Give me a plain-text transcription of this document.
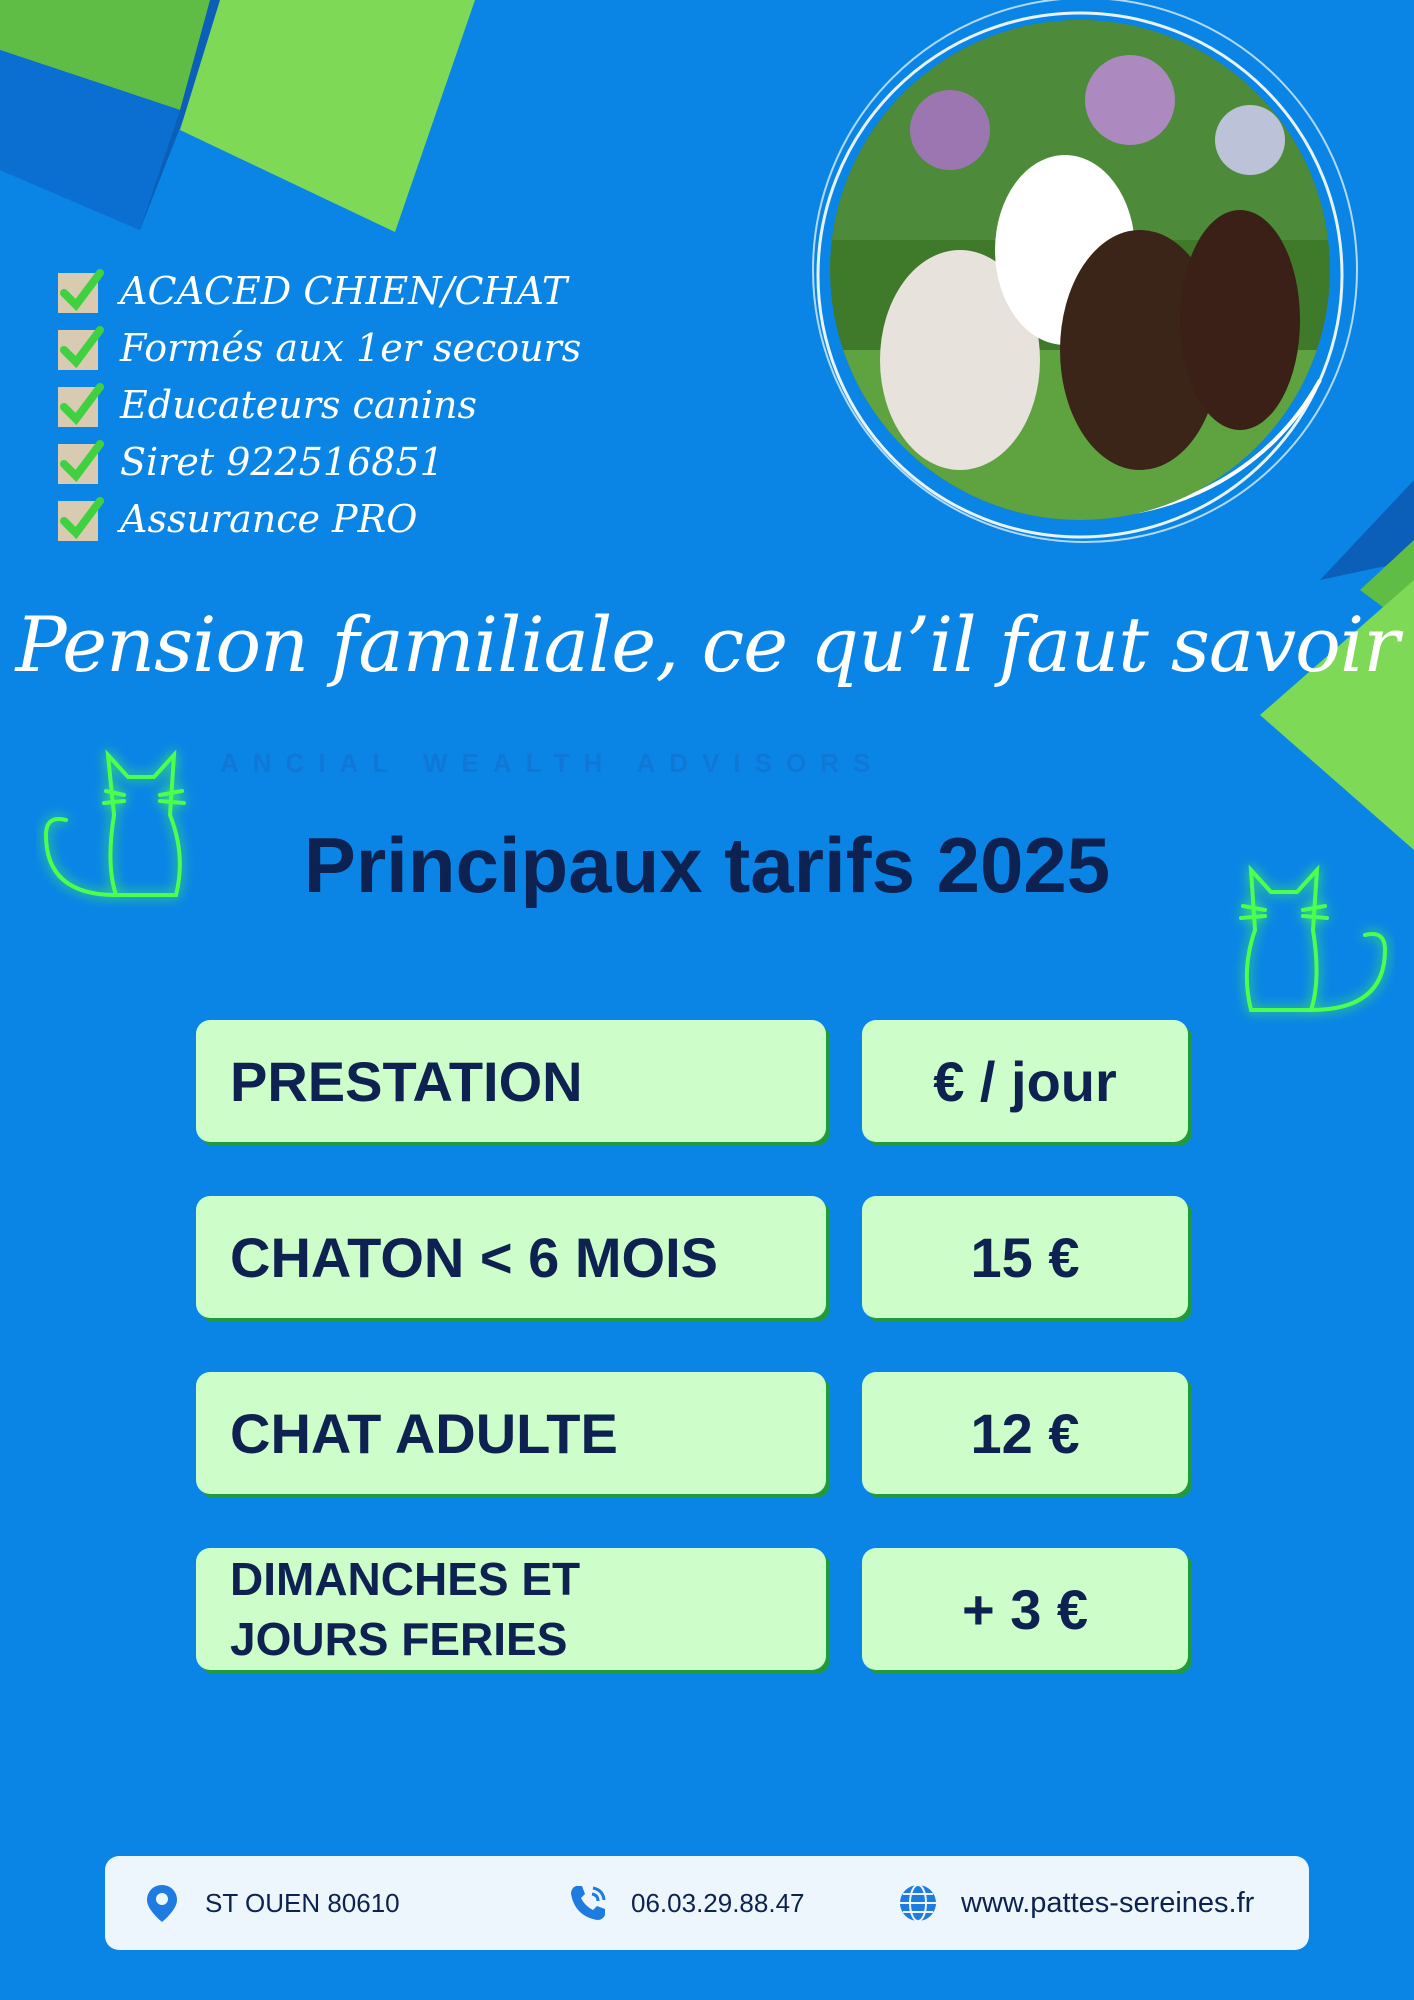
ACACED CHIEN/CHAT
Formés aux 1er secours
Educateurs canins
Siret 922516851
Assurance PRO
Pension familiale, ce qu’il faut savoir
ANCIAL WEALTH ADVISORS
Principaux tarifs 2025
PRESTATION	€ / jour
CHATON < 6 MOIS	15 €
CHAT ADULTE	12 €
DIMANCHES ET
JOURS FERIES	+ 3 €
ST OUEN 80610	06.03.29.88.47	www.pattes-sereines.fr
